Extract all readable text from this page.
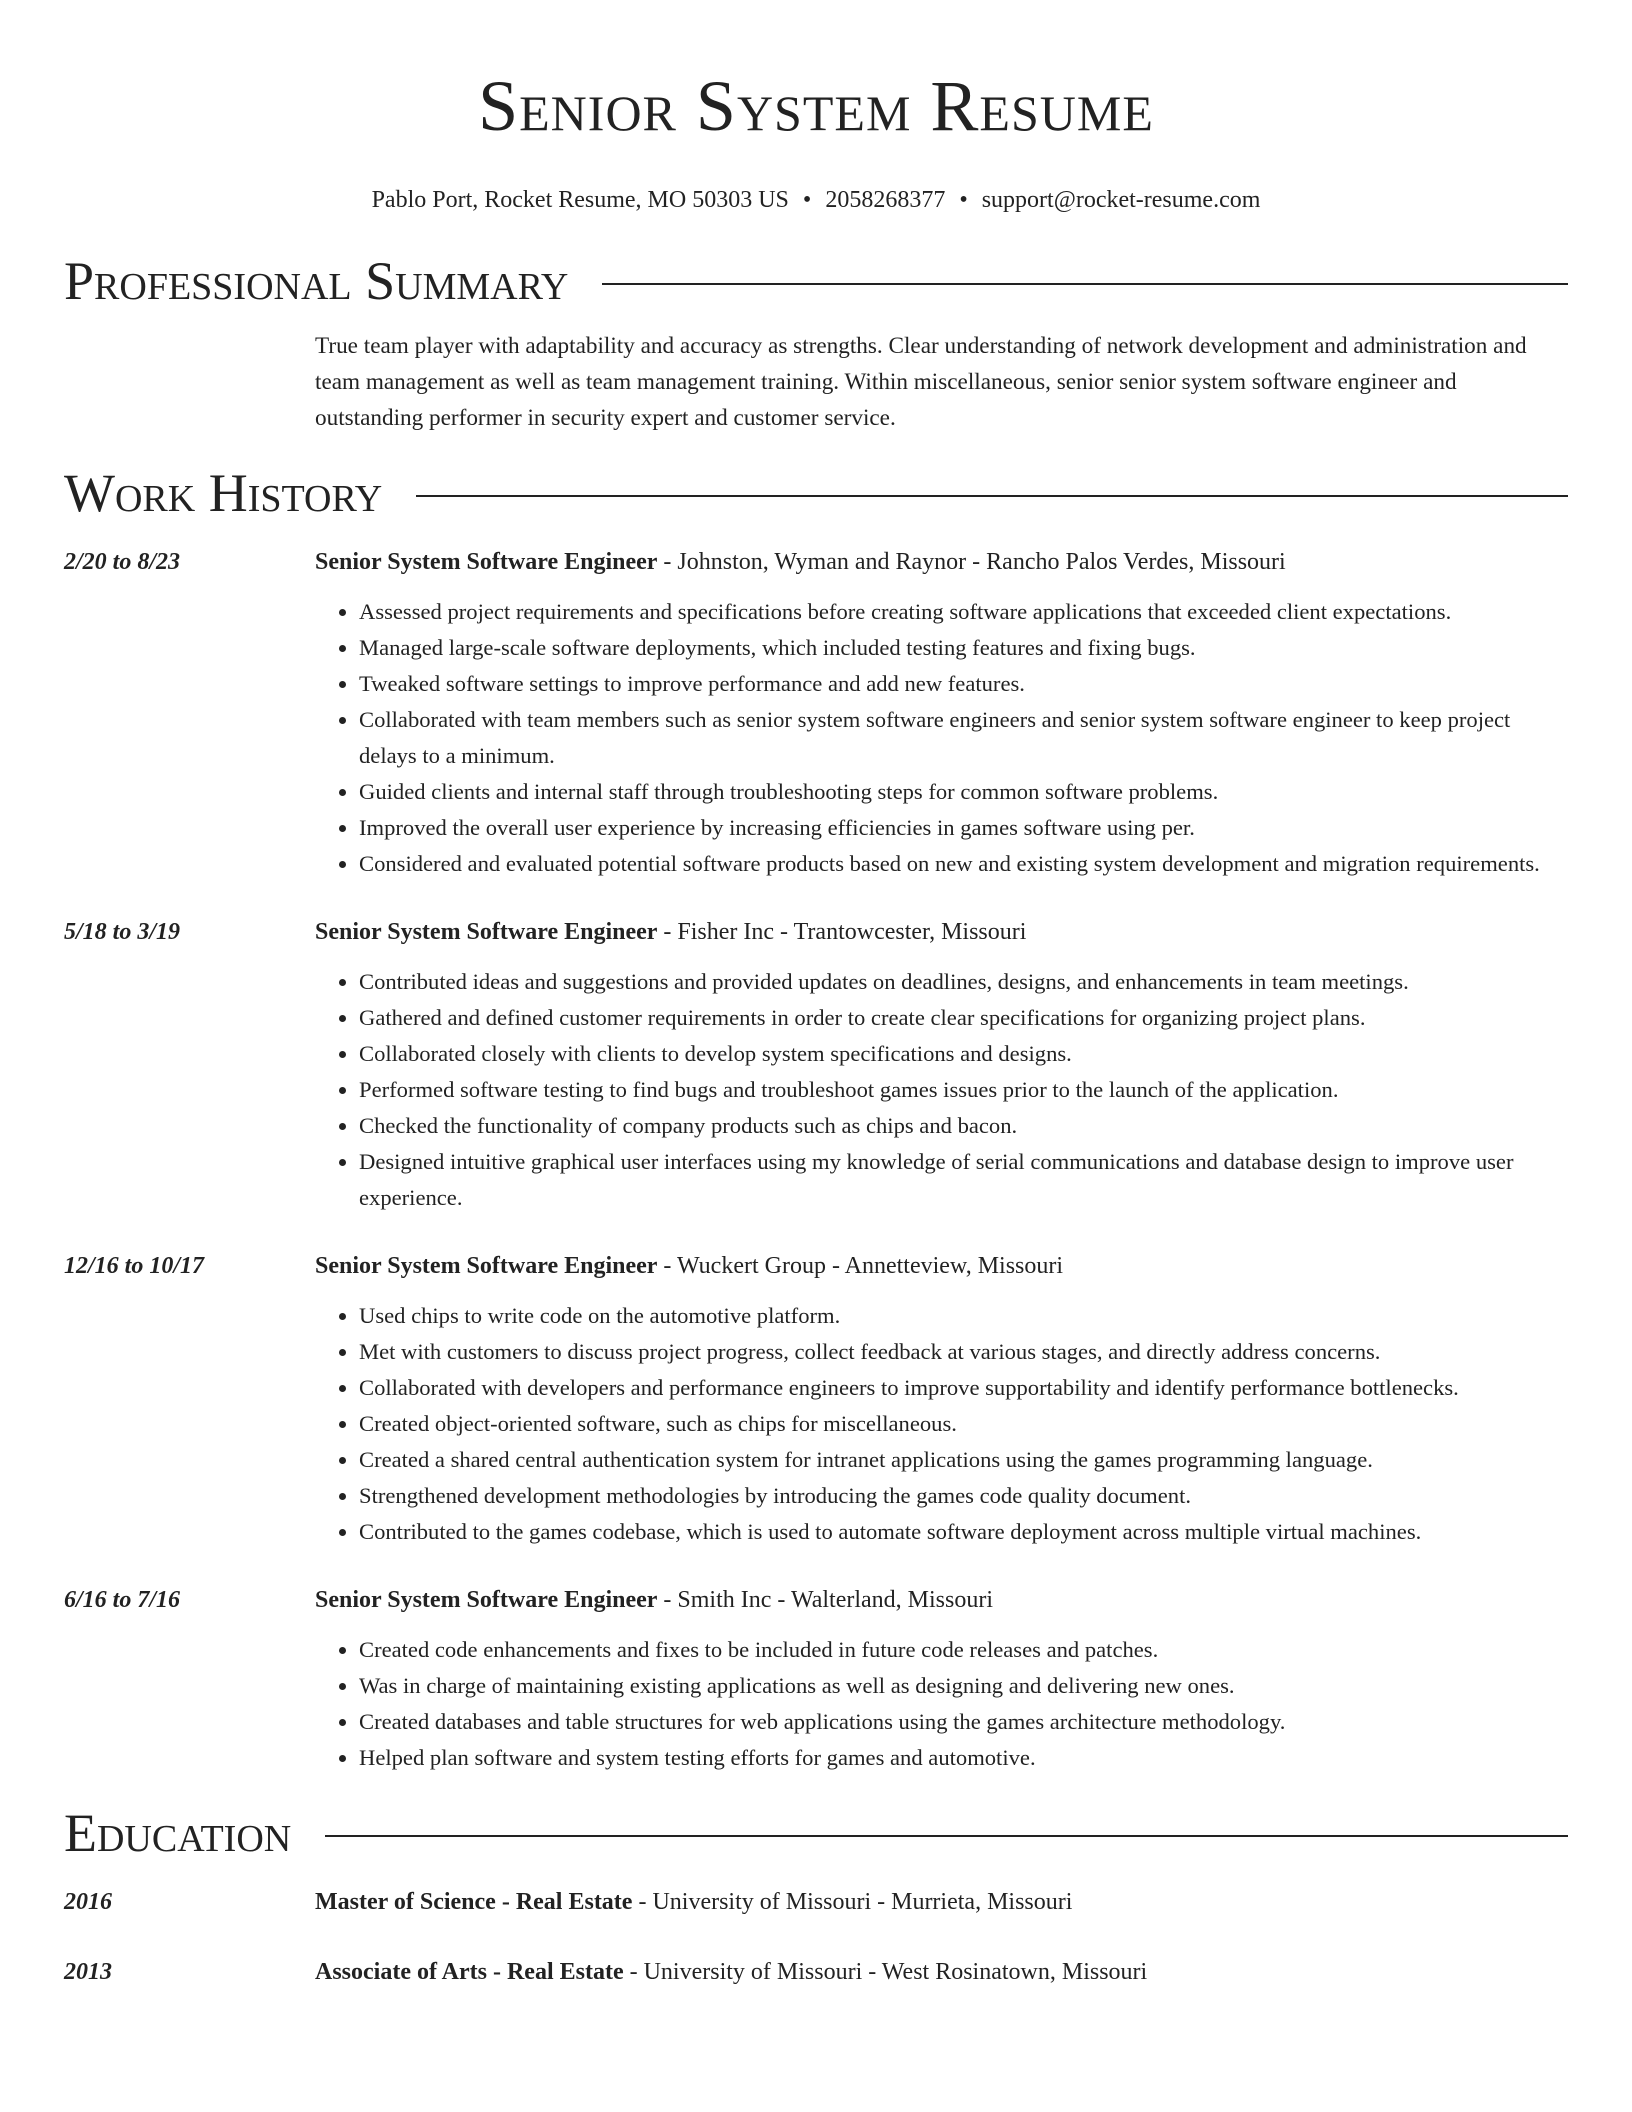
Senior System Resume
Pablo Port, Rocket Resume, MO 50303 US • 2058268377 • support@rocket-resume.com
Professional Summary
True team player with adaptability and accuracy as strengths. Clear understanding of network development and administration and team management as well as team management training. Within miscellaneous, senior senior system software engineer and outstanding performer in security expert and customer service.
Work History
2/20 to 8/23	Senior System Software Engineer - Johnston, Wyman and Raynor - Rancho Palos Verdes, Missouri
• Assessed project requirements and specifications before creating software applications that exceeded client expectations.
• Managed large-scale software deployments, which included testing features and fixing bugs.
• Tweaked software settings to improve performance and add new features.
• Collaborated with team members such as senior system software engineers and senior system software engineer to keep project delays to a minimum.
• Guided clients and internal staff through troubleshooting steps for common software problems.
• Improved the overall user experience by increasing efficiencies in games software using per.
• Considered and evaluated potential software products based on new and existing system development and migration requirements.
5/18 to 3/19	Senior System Software Engineer - Fisher Inc - Trantowcester, Missouri
• Contributed ideas and suggestions and provided updates on deadlines, designs, and enhancements in team meetings.
• Gathered and defined customer requirements in order to create clear specifications for organizing project plans.
• Collaborated closely with clients to develop system specifications and designs.
• Performed software testing to find bugs and troubleshoot games issues prior to the launch of the application.
• Checked the functionality of company products such as chips and bacon.
• Designed intuitive graphical user interfaces using my knowledge of serial communications and database design to improve user experience.
12/16 to 10/17	Senior System Software Engineer - Wuckert Group - Annetteview, Missouri
• Used chips to write code on the automotive platform.
• Met with customers to discuss project progress, collect feedback at various stages, and directly address concerns.
• Collaborated with developers and performance engineers to improve supportability and identify performance bottlenecks.
• Created object-oriented software, such as chips for miscellaneous.
• Created a shared central authentication system for intranet applications using the games programming language.
• Strengthened development methodologies by introducing the games code quality document.
• Contributed to the games codebase, which is used to automate software deployment across multiple virtual machines.
6/16 to 7/16	Senior System Software Engineer - Smith Inc - Walterland, Missouri
• Created code enhancements and fixes to be included in future code releases and patches.
• Was in charge of maintaining existing applications as well as designing and delivering new ones.
• Created databases and table structures for web applications using the games architecture methodology.
• Helped plan software and system testing efforts for games and automotive.
Education
2016	Master of Science - Real Estate - University of Missouri - Murrieta, Missouri
2013	Associate of Arts - Real Estate - University of Missouri - West Rosinatown, Missouri
